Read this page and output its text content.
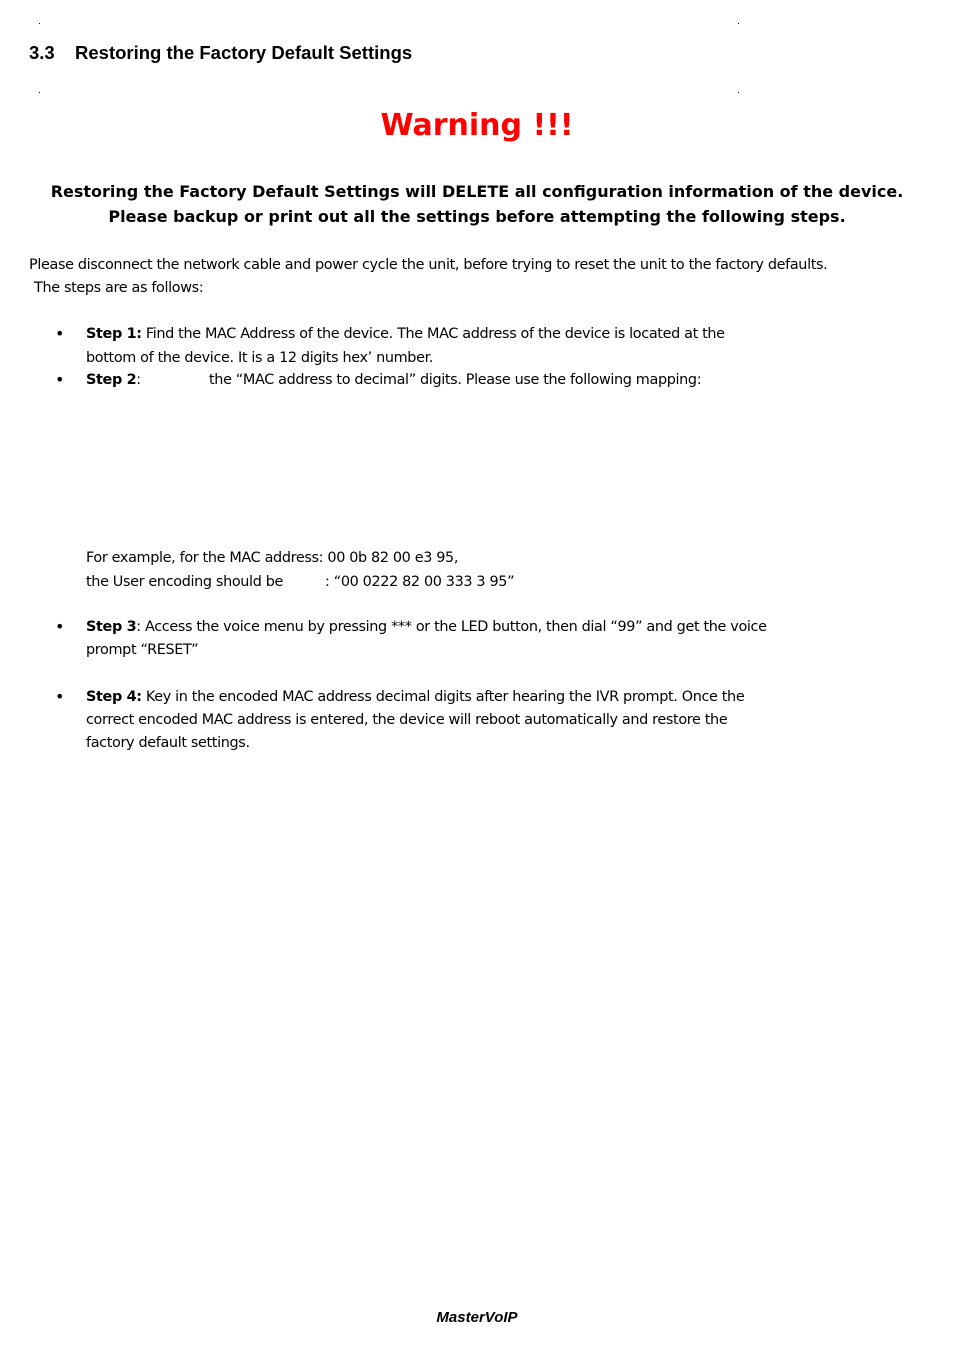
3.3 Restoring the Factory Default Settings
Warning !!!
Restoring the Factory Default Settings will DELETE all configuration information of the device.
Please backup or print out all the settings before attempting the following steps.
Please disconnect the network cable and power cycle the unit, before trying to reset the unit to the factory defaults.
The steps are as follows:
• Step 1: Find the MAC Address of the device. The MAC address of the device is located at the
bottom of the device. It is a 12 digits hex’ number.
• Step 2:	the “MAC address to decimal” digits. Please use the following mapping:
For example, for the MAC address: 00 0b 82 00 e3 95,
the User encoding should be	: “00 0222 82 00 333 3 95”
• Step 3: Access the voice menu by pressing *** or the LED button, then dial “99” and get the voice
prompt “RESET”
• Step 4: Key in the encoded MAC address decimal digits after hearing the IVR prompt. Once the
correct encoded MAC address is entered, the device will reboot automatically and restore the
factory default settings.
MasterVoIP
